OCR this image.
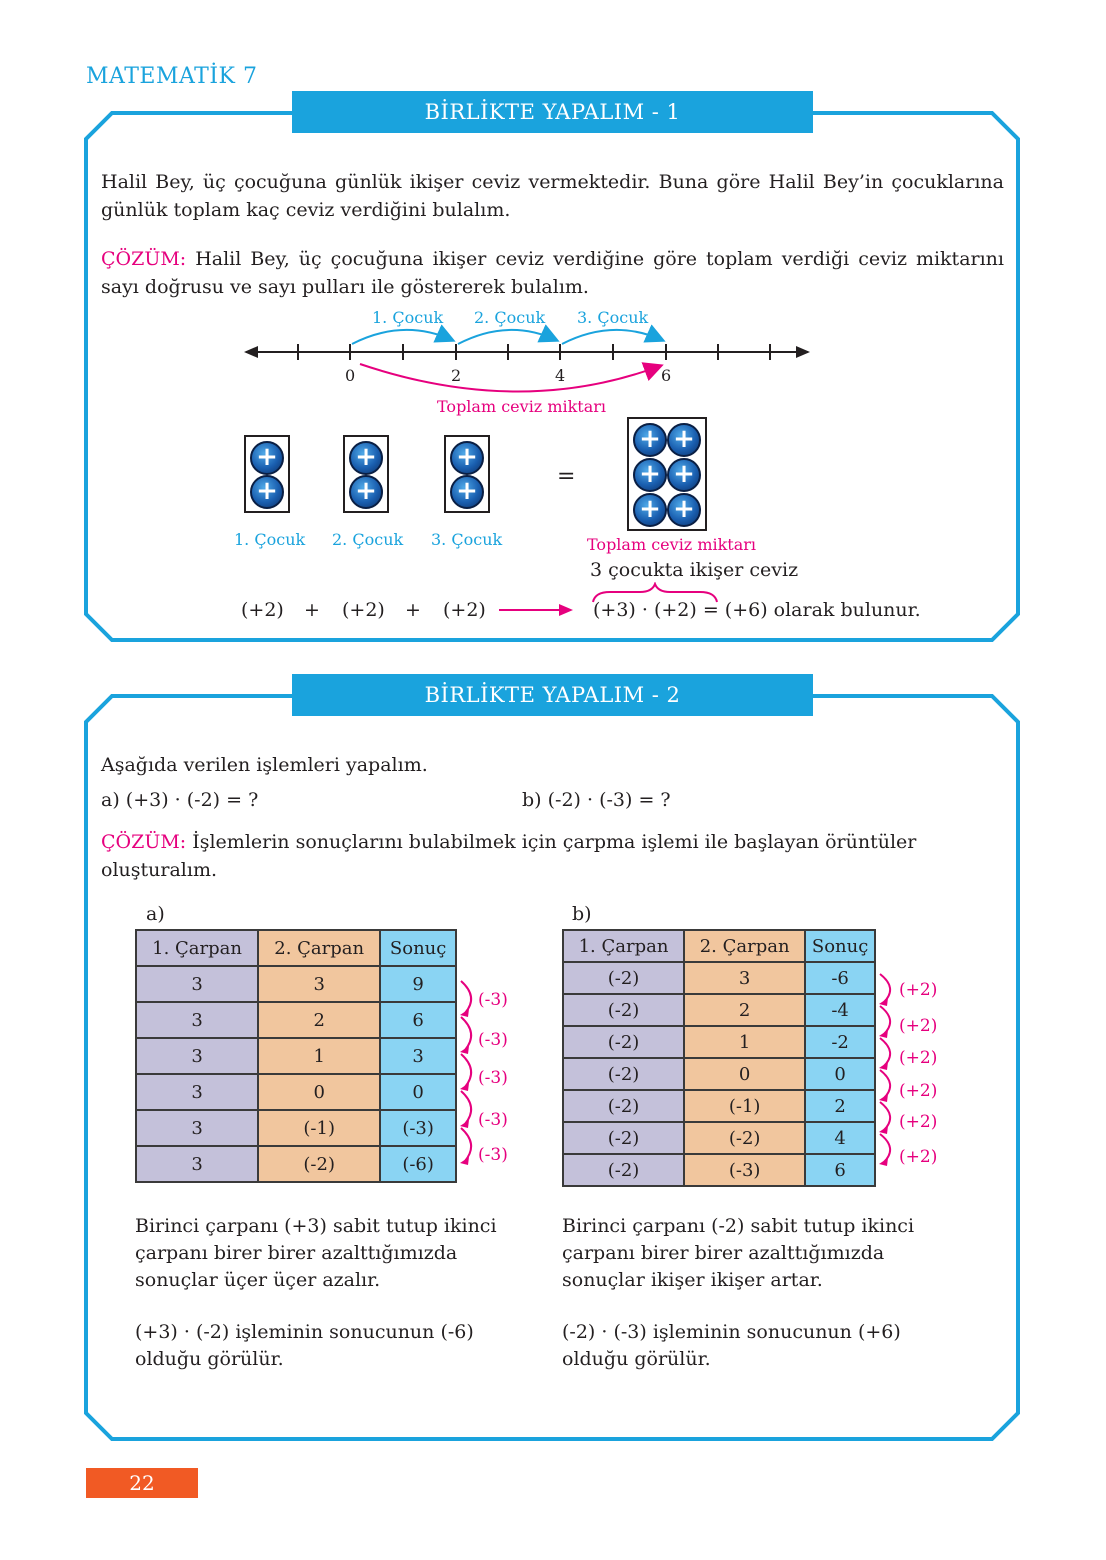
MATEMATİK 7
BİRLİKTE YAPALIM - 1
Halil Bey, üç çocuğuna günlük ikişer ceviz vermektedir. Buna göre Halil Bey’in çocuklarına günlük toplam kaç ceviz verdiğini bulalım.
ÇÖZÜM: Halil Bey, üç çocuğuna ikişer ceviz verdiğine göre toplam verdiği ceviz miktarını sayı doğrusu ve sayı pulları ile göstererek bulalım.
1. Çocuk 2. Çocuk 3. Çocuk
0	2	4	6
Toplam ceviz miktarı
+
+
+
+
+
+	=
+ +
+ +
+ +
1. Çocuk 2. Çocuk 3. Çocuk	Toplam ceviz miktarı
3 çocukta ikişer ceviz
(+2) + (+2) + (+2)	(+3) · (+2) = (+6) olarak bulunur.
BİRLİKTE YAPALIM - 2
Aşağıda verilen işlemleri yapalım.
a) (+3) · (-2) = ?	b) (-2) · (-3) = ?
ÇÖZÜM: İşlemlerin sonuçlarını bulabilmek için çarpma işlemi ile başlayan örüntüler oluşturalım.
a)
1. Çarpan	2. Çarpan	Sonuç
3	3	9
3	2	6
3	1	3
3	0	0
3	(-1)	(-3)
3	(-2)	(-6)
(-3)
(-3)
(-3)
(-3)
(-3)
Birinci çarpanı (+3) sabit tutup ikinci çarpanı birer birer azalttığımızda sonuçlar üçer üçer azalır.
(+3) · (-2) işleminin sonucunun (-6) olduğu görülür.
b)
1. Çarpan	2. Çarpan	Sonuç
(-2)	3	-6
(-2)	2	-4
(-2)	1	-2
(-2)	0	0
(-2)	(-1)	2
(-2)	(-2)	4
(-2)	(-3)	6
(+2)
(+2)
(+2)
(+2)
(+2)
(+2)
Birinci çarpanı (-2) sabit tutup ikinci çarpanı birer birer azalttığımızda sonuçlar ikişer ikişer artar.
(-2) · (-3) işleminin sonucunun (+6) olduğu görülür.
22
